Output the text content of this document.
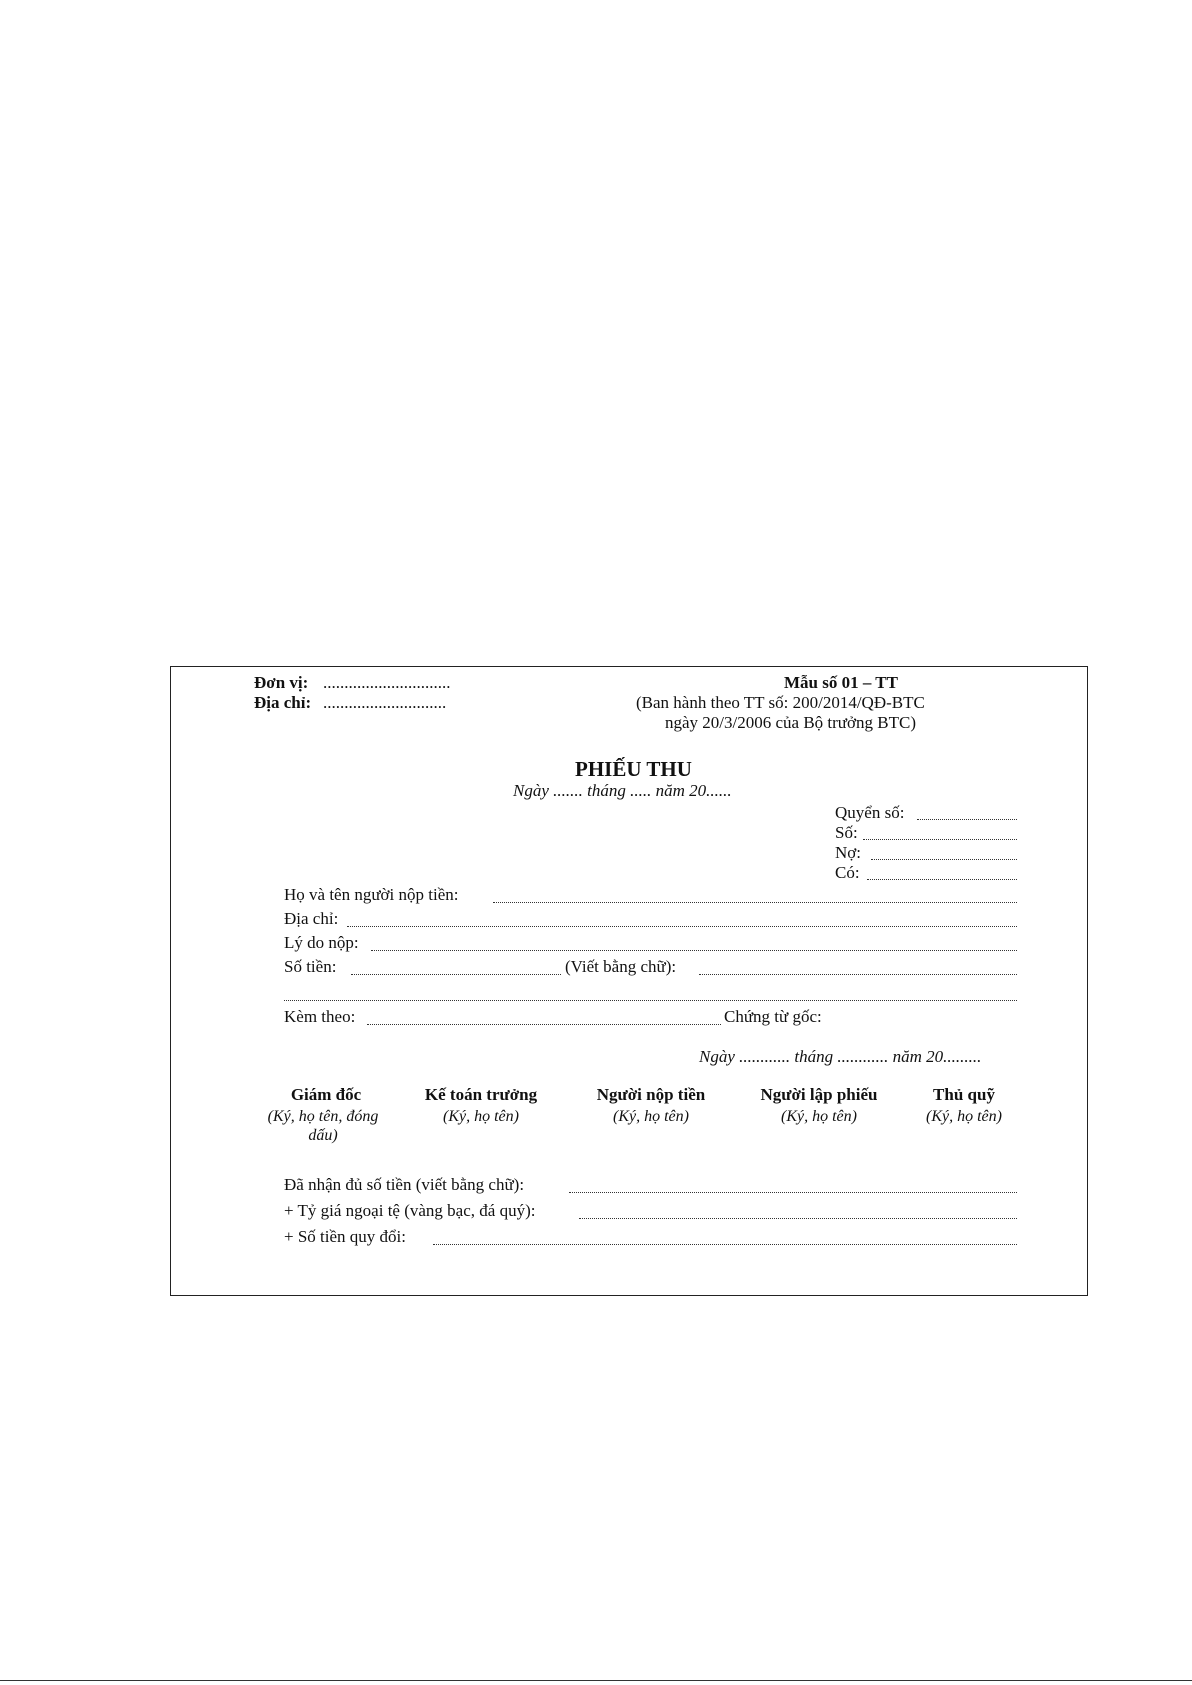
Đơn vị: ..............................
Địa chỉ: .............................
Mẫu số 01 – TT
(Ban hành theo TT số: 200/2014/QĐ-BTC
ngày 20/3/2006 của Bộ trưởng BTC)
PHIẾU THU
Ngày ....... tháng ..... năm 20......
Quyển số:
Số:
Nợ:
Có:
Họ và tên người nộp tiền:
Địa chỉ:
Lý do nộp:
Số tiền:	(Viết bằng chữ):
Kèm theo:	Chứng từ gốc:
Ngày ............ tháng ............ năm 20.........
Giám đốc
(Ký, họ tên, đóng dấu)
Kế toán trưởng
(Ký, họ tên)
Người nộp tiền
(Ký, họ tên)
Người lập phiếu
(Ký, họ tên)
Thủ quỹ
(Ký, họ tên)
Đã nhận đủ số tiền (viết bằng chữ):
+ Tỷ giá ngoại tệ (vàng bạc, đá quý):
+ Số tiền quy đổi:
